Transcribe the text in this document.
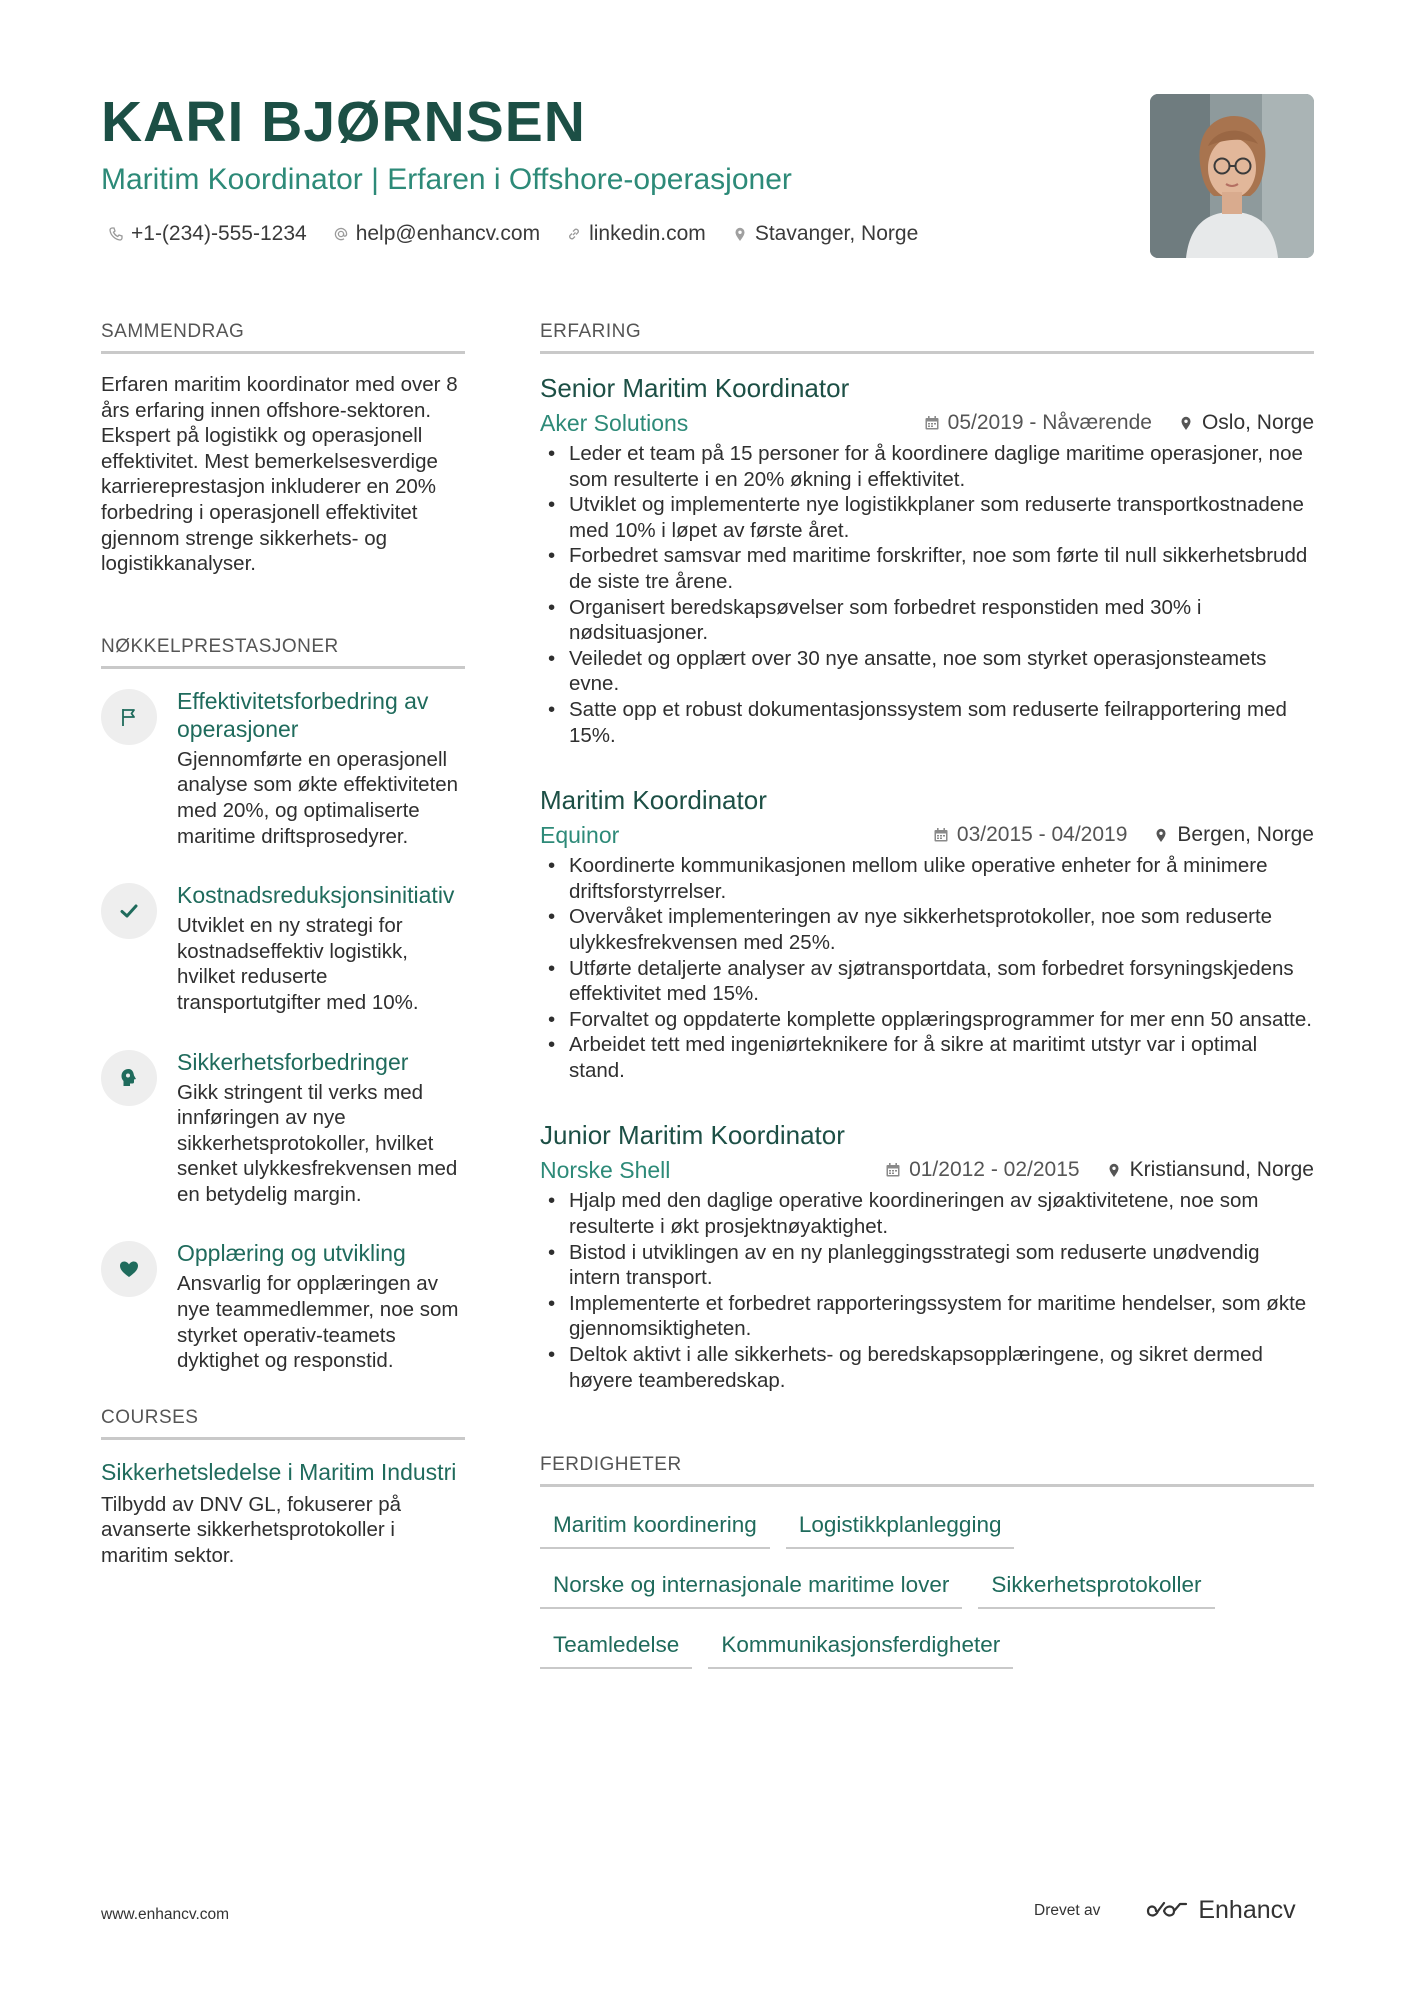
KARI BJØRNSEN
Maritim Koordinator | Erfaren i Offshore-operasjoner
+1-(234)-555-1234 help@enhancv.com linkedin.com Stavanger, Norge
SAMMENDRAG

Erfaren maritim koordinator med over 8 års erfaring innen offshore-sektoren. Ekspert på logistikk og operasjonell effektivitet. Mest bemerkelsesverdige karriereprestasjon inkluderer en 20% forbedring i operasjonell effektivitet gjennom strenge sikkerhets- og logistikkanalyser.

NØKKELPRESTASJONER
Effektivitetsforbedring av operasjoner
Gjennomførte en operasjonell analyse som økte effektiviteten med 20%, og optimaliserte maritime driftsprosedyrer.
Kostnadsreduksjonsinitiativ
Utviklet en ny strategi for kostnadseffektiv logistikk, hvilket reduserte transportutgifter med 10%.
Sikkerhetsforbedringer
Gikk stringent til verks med innføringen av nye sikkerhetsprotokoller, hvilket senket ulykkesfrekvensen med en betydelig margin.
Opplæring og utvikling
Ansvarlig for opplæringen av nye teammedlemmer, noe som styrket operativ-teamets dyktighet og responstid.
COURSES
Sikkerhetsledelse i Maritim Industri
Tilbydd av DNV GL, fokuserer på avanserte sikkerhetsprotokoller i maritim sektor.
ERFARING
Senior Maritim Koordinator
Aker Solutions	05/2019 - Nåværende Oslo, Norge
• Leder et team på 15 personer for å koordinere daglige maritime operasjoner, noe som resulterte i en 20% økning i effektivitet.
• Utviklet og implementerte nye logistikkplaner som reduserte transportkostnadene med 10% i løpet av første året.
• Forbedret samsvar med maritime forskrifter, noe som førte til null sikkerhetsbrudd de siste tre årene.
• Organisert beredskapsøvelser som forbedret responstiden med 30% i nødsituasjoner.
• Veiledet og opplært over 30 nye ansatte, noe som styrket operasjonsteamets evne.
• Satte opp et robust dokumentasjonssystem som reduserte feilrapportering med 15%.
Maritim Koordinator
Equinor	03/2015 - 04/2019 Bergen, Norge
• Koordinerte kommunikasjonen mellom ulike operative enheter for å minimere driftsforstyrrelser.
• Overvåket implementeringen av nye sikkerhetsprotokoller, noe som reduserte ulykkesfrekvensen med 25%.
• Utførte detaljerte analyser av sjøtransportdata, som forbedret forsyningskjedens effektivitet med 15%.
• Forvaltet og oppdaterte komplette opplæringsprogrammer for mer enn 50 ansatte.
• Arbeidet tett med ingeniørteknikere for å sikre at maritimt utstyr var i optimal stand.
Junior Maritim Koordinator
Norske Shell	01/2012 - 02/2015 Kristiansund, Norge
• Hjalp med den daglige operative koordineringen av sjøaktivitetene, noe som resulterte i økt prosjektnøyaktighet.
• Bistod i utviklingen av en ny planleggingsstrategi som reduserte unødvendig intern transport.
• Implementerte et forbedret rapporteringssystem for maritime hendelser, som økte gjennomsiktigheten.
• Deltok aktivt i alle sikkerhets- og beredskapsopplæringene, og sikret dermed høyere teamberedskap.
FERDIGHETER
Maritim koordinering	Logistikkplanlegging
Norske og internasjonale maritime lover	Sikkerhetsprotokoller
Teamledelse	Kommunikasjonsferdigheter
www.enhancv.com	Drevet av	Enhancv
